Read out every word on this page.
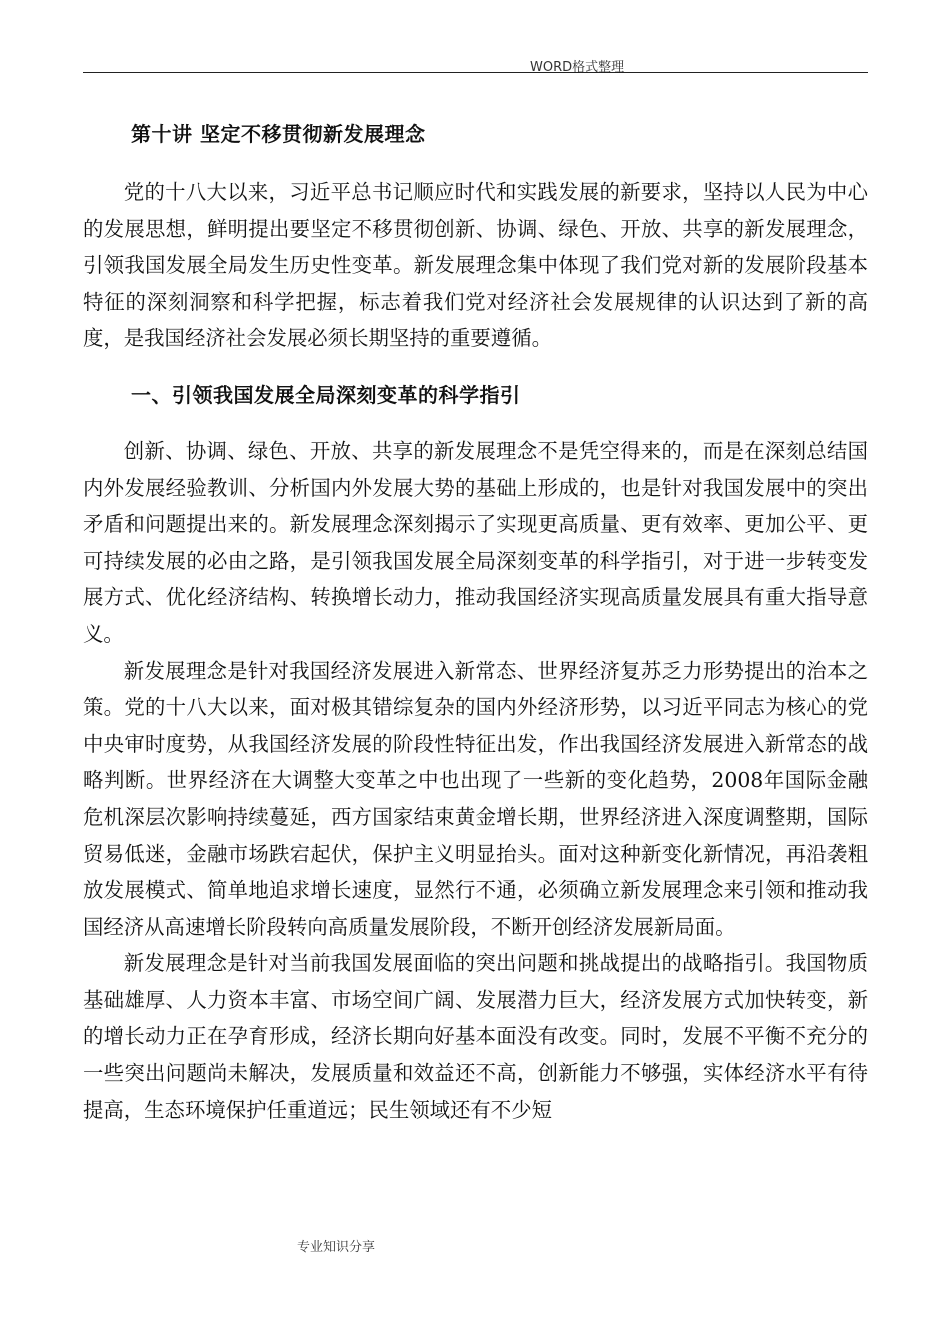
WORD格式整理
第十讲 坚定不移贯彻新发展理念

党的十八大以来，习近平总书记顺应时代和实践发展的新要求，坚持以人民为中心的发展思想，鲜明提出要坚定不移贯彻创新、协调、绿色、开放、共享的新发展理念，引领我国发展全局发生历史性变革。新发展理念集中体现了我们党对新的发展阶段基本特征的深刻洞察和科学把握，标志着我们党对经济社会发展规律的认识达到了新的高度，是我国经济社会发展必须长期坚持的重要遵循。

一、引领我国发展全局深刻变革的科学指引

创新、协调、绿色、开放、共享的新发展理念不是凭空得来的，而是在深刻总结国内外发展经验教训、分析国内外发展大势的基础上形成的，也是针对我国发展中的突出矛盾和问题提出来的。新发展理念深刻揭示了实现更高质量、更有效率、更加公平、更可持续发展的必由之路，是引领我国发展全局深刻变革的科学指引，对于进一步转变发展方式、优化经济结构、转换增长动力，推动我国经济实现高质量发展具有重大指导意义。

新发展理念是针对我国经济发展进入新常态、世界经济复苏乏力形势提出的治本之策。党的十八大以来，面对极其错综复杂的国内外经济形势，以习近平同志为核心的党中央审时度势，从我国经济发展的阶段性特征出发，作出我国经济发展进入新常态的战略判断。世界经济在大调整大变革之中也出现了一些新的变化趋势，2008年国际金融危机深层次影响持续蔓延，西方国家结束黄金增长期，世界经济进入深度调整期，国际贸易低迷，金融市场跌宕起伏，保护主义明显抬头。面对这种新变化新情况，再沿袭粗放发展模式、简单地追求增长速度，显然行不通，必须确立新发展理念来引领和推动我国经济从高速增长阶段转向高质量发展阶段，不断开创经济发展新局面。

新发展理念是针对当前我国发展面临的突出问题和挑战提出的战略指引。我国物质基础雄厚、人力资本丰富、市场空间广阔、发展潜力巨大，经济发展方式加快转变，新的增长动力正在孕育形成，经济长期向好基本面没有改变。同时，发展不平衡不充分的一些突出问题尚未解决，发展质量和效益还不高，创新能力不够强，实体经济水平有待提高，生态环境保护任重道远；民生领域还有不少短

专业知识分享
